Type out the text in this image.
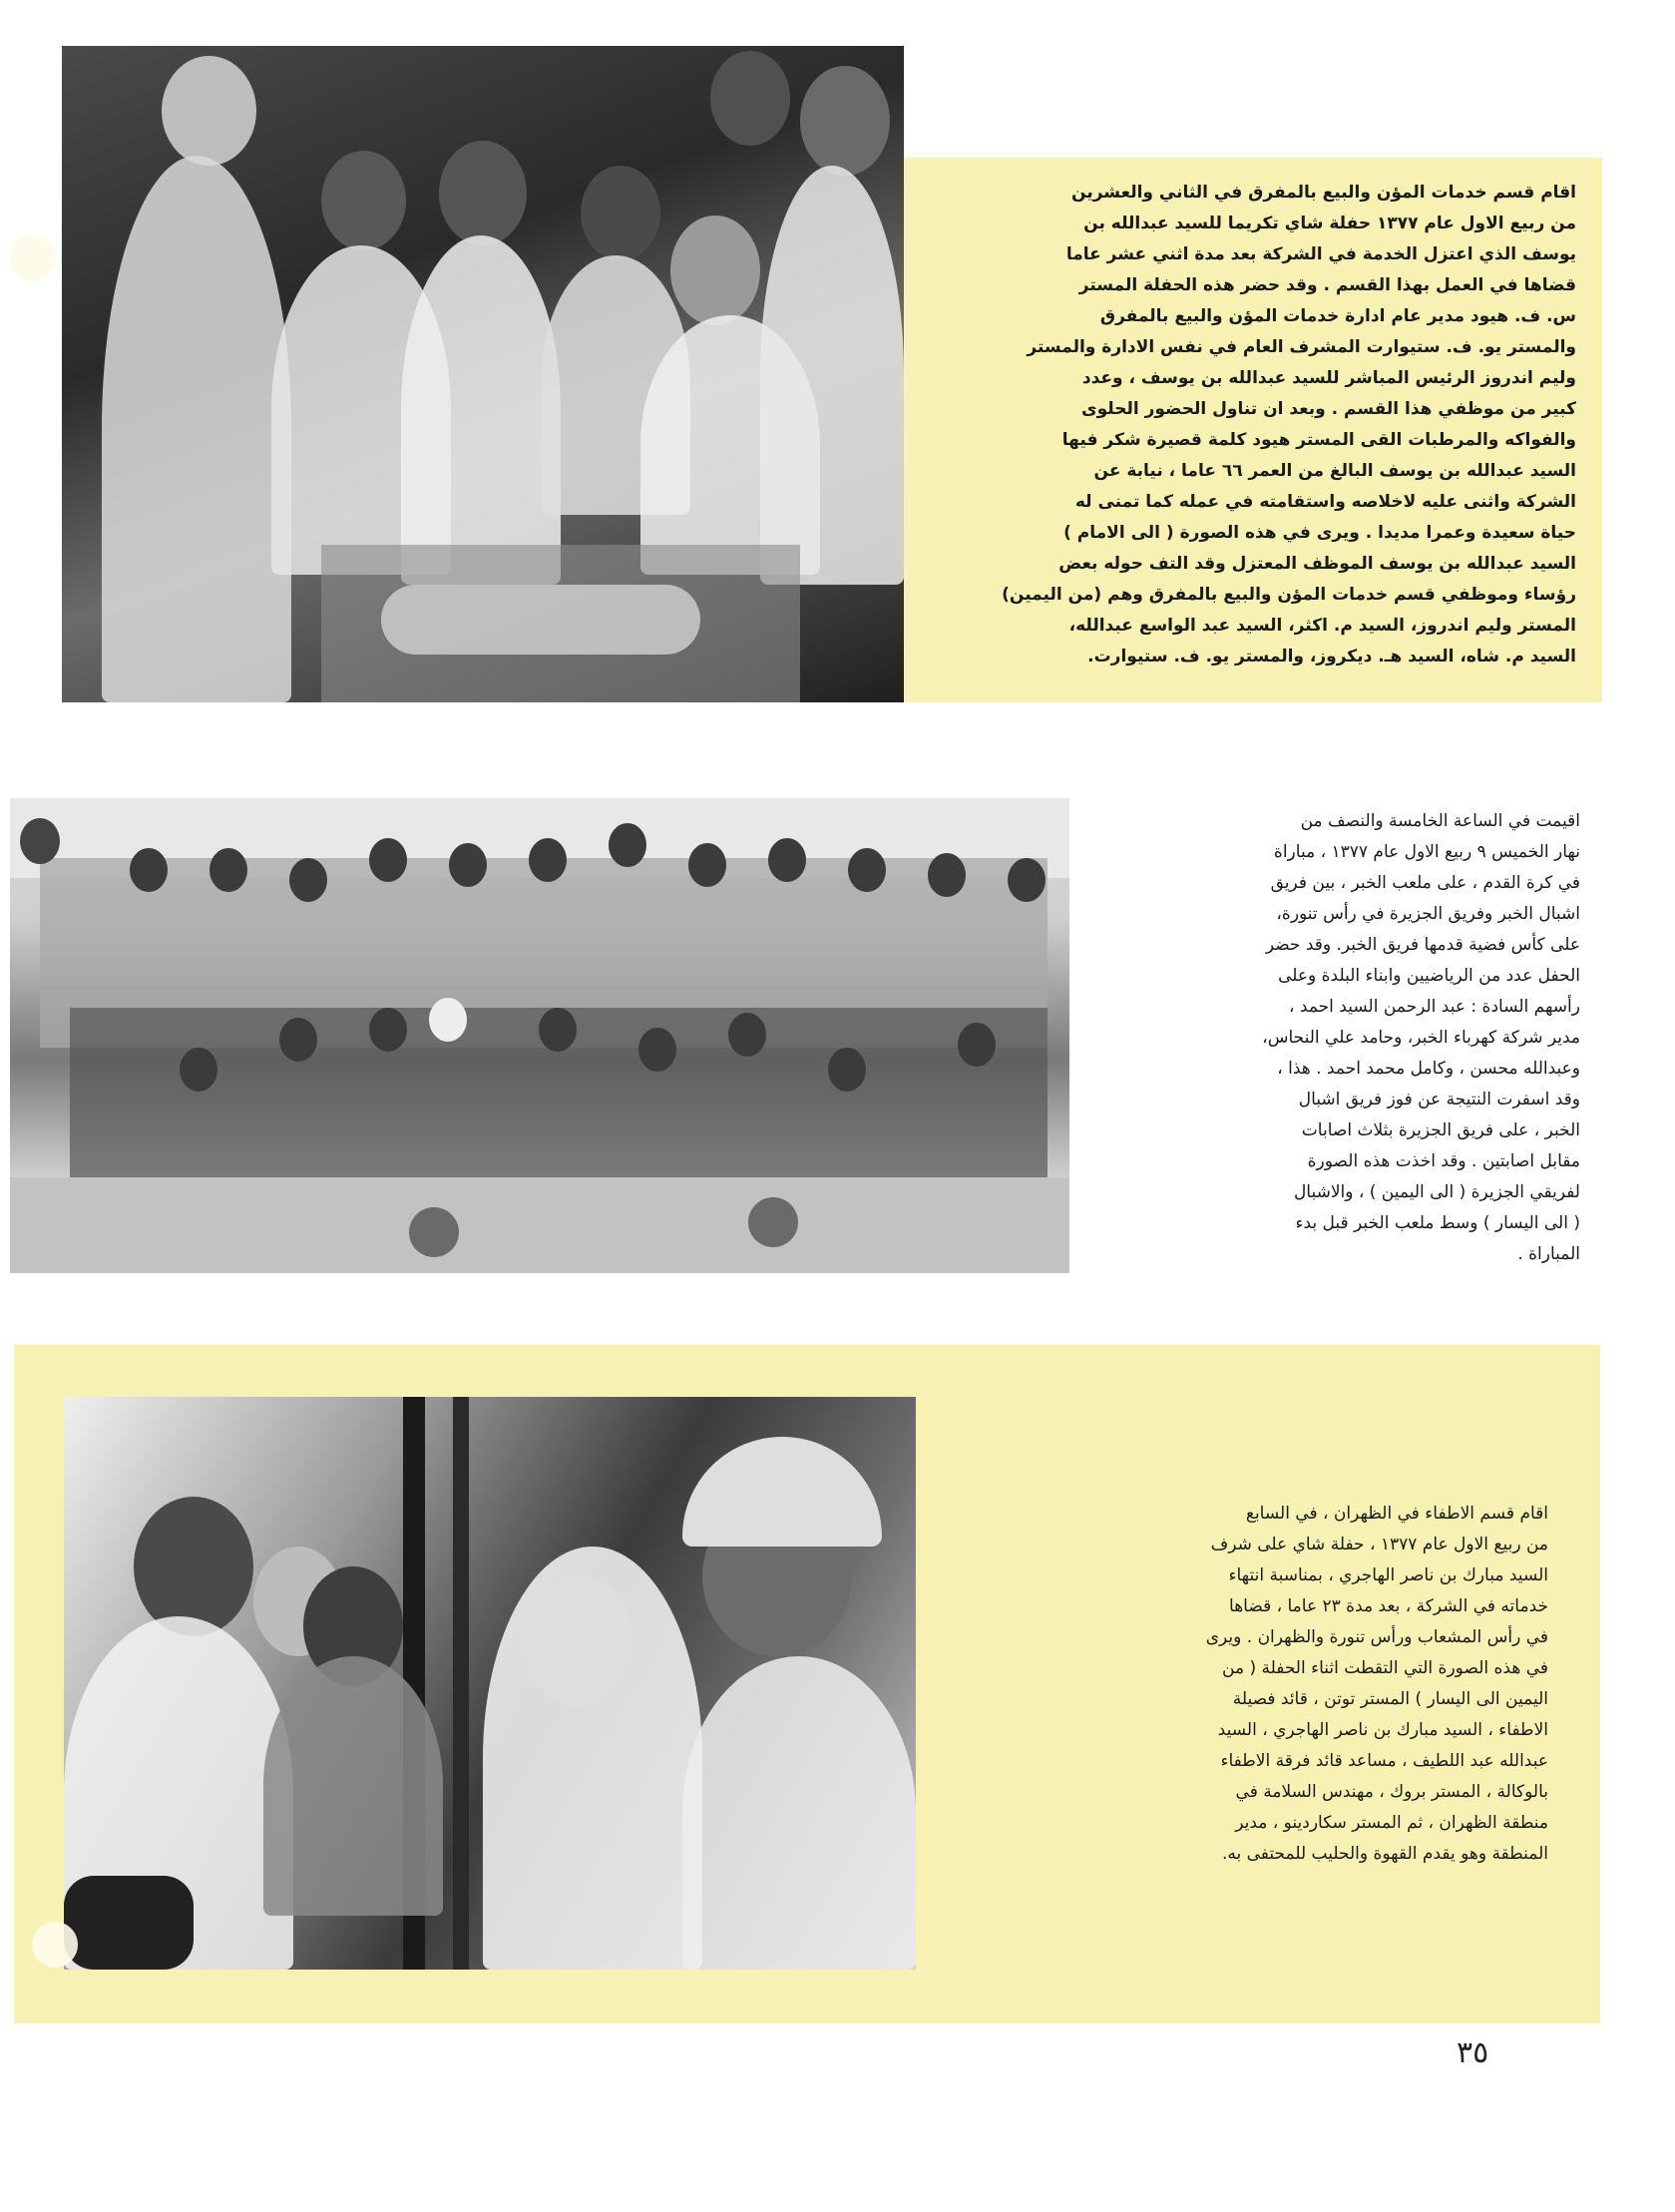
اقام قسم خدمات المؤن والبيع بالمفرق في الثاني والعشرين
من ربيع الاول عام ١٣٧٧ حفلة شاي تكريما للسيد عبدالله بن
يوسف الذي اعتزل الخدمة في الشركة بعد مدة اثني عشر عاما
قضاها في العمل بهذا القسم . وقد حضر هذه الحفلة المستر
س. ف. هيود مدير عام ادارة خدمات المؤن والبيع بالمفرق
والمستر يو. ف. ستيوارت المشرف العام في نفس الادارة والمستر
وليم اندروز الرئيس المباشر للسيد عبدالله بن يوسف ، وعدد
كبير من موظفي هذا القسم . وبعد ان تناول الحضور الحلوى
والفواكه والمرطبات القى المستر هيود كلمة قصيرة شكر فيها
السيد عبدالله بن يوسف البالغ من العمر ٦٦ عاما ، نيابة عن
الشركة واثنى عليه لاخلاصه واستقامته في عمله كما تمنى له
حياة سعيدة وعمرا مديدا . ويرى في هذه الصورة ( الى الامام )
السيد عبدالله بن يوسف الموظف المعتزل وقد التف حوله بعض
رؤساء وموظفي قسم خدمات المؤن والبيع بالمفرق وهم (من اليمين)
المستر وليم اندروز، السيد م. اكثر، السيد عبد الواسع عبدالله،
السيد م. شاه، السيد هـ. ديكروز، والمستر يو. ف. ستيوارت.
اقيمت في الساعة الخامسة والنصف من
نهار الخميس ٩ ربيع الاول عام ١٣٧٧ ، مباراة
في كرة القدم ، على ملعب الخبر ، بين فريق
اشبال الخبر وفريق الجزيرة في رأس تنورة،
على كأس فضية قدمها فريق الخبر. وقد حضر
الحفل عدد من الرياضيين وابناء البلدة وعلى
رأسهم السادة : عبد الرحمن السيد احمد ،
مدير شركة كهرباء الخبر، وحامد علي النحاس،
وعبدالله محسن ، وكامل محمد احمد . هذا ،
وقد اسفرت النتيجة عن فوز فريق اشبال
الخبر ، على فريق الجزيرة بثلاث اصابات
مقابل اصابتين . وقد اخذت هذه الصورة
لفريقي الجزيرة ( الى اليمين ) ، والاشبال
( الى اليسار ) وسط ملعب الخبر قبل بدء
المباراة .
اقام قسم الاطفاء في الظهران ، في السابع
من ربيع الاول عام ١٣٧٧ ، حفلة شاي على شرف
السيد مبارك بن ناصر الهاجري ، بمناسبة انتهاء
خدماته في الشركة ، بعد مدة ٢٣ عاما ، قضاها
في رأس المشعاب ورأس تنورة والظهران . ويرى
في هذه الصورة التي التقطت اثناء الحفلة ( من
اليمين الى اليسار ) المستر توتن ، قائد فصيلة
الاطفاء ، السيد مبارك بن ناصر الهاجري ، السيد
عبدالله عبد اللطيف ، مساعد قائد فرقة الاطفاء
بالوكالة ، المستر بروك ، مهندس السلامة في
منطقة الظهران ، ثم المستر سكاردينو ، مدير
المنطقة وهو يقدم القهوة والحليب للمحتفى به.
٣٥
